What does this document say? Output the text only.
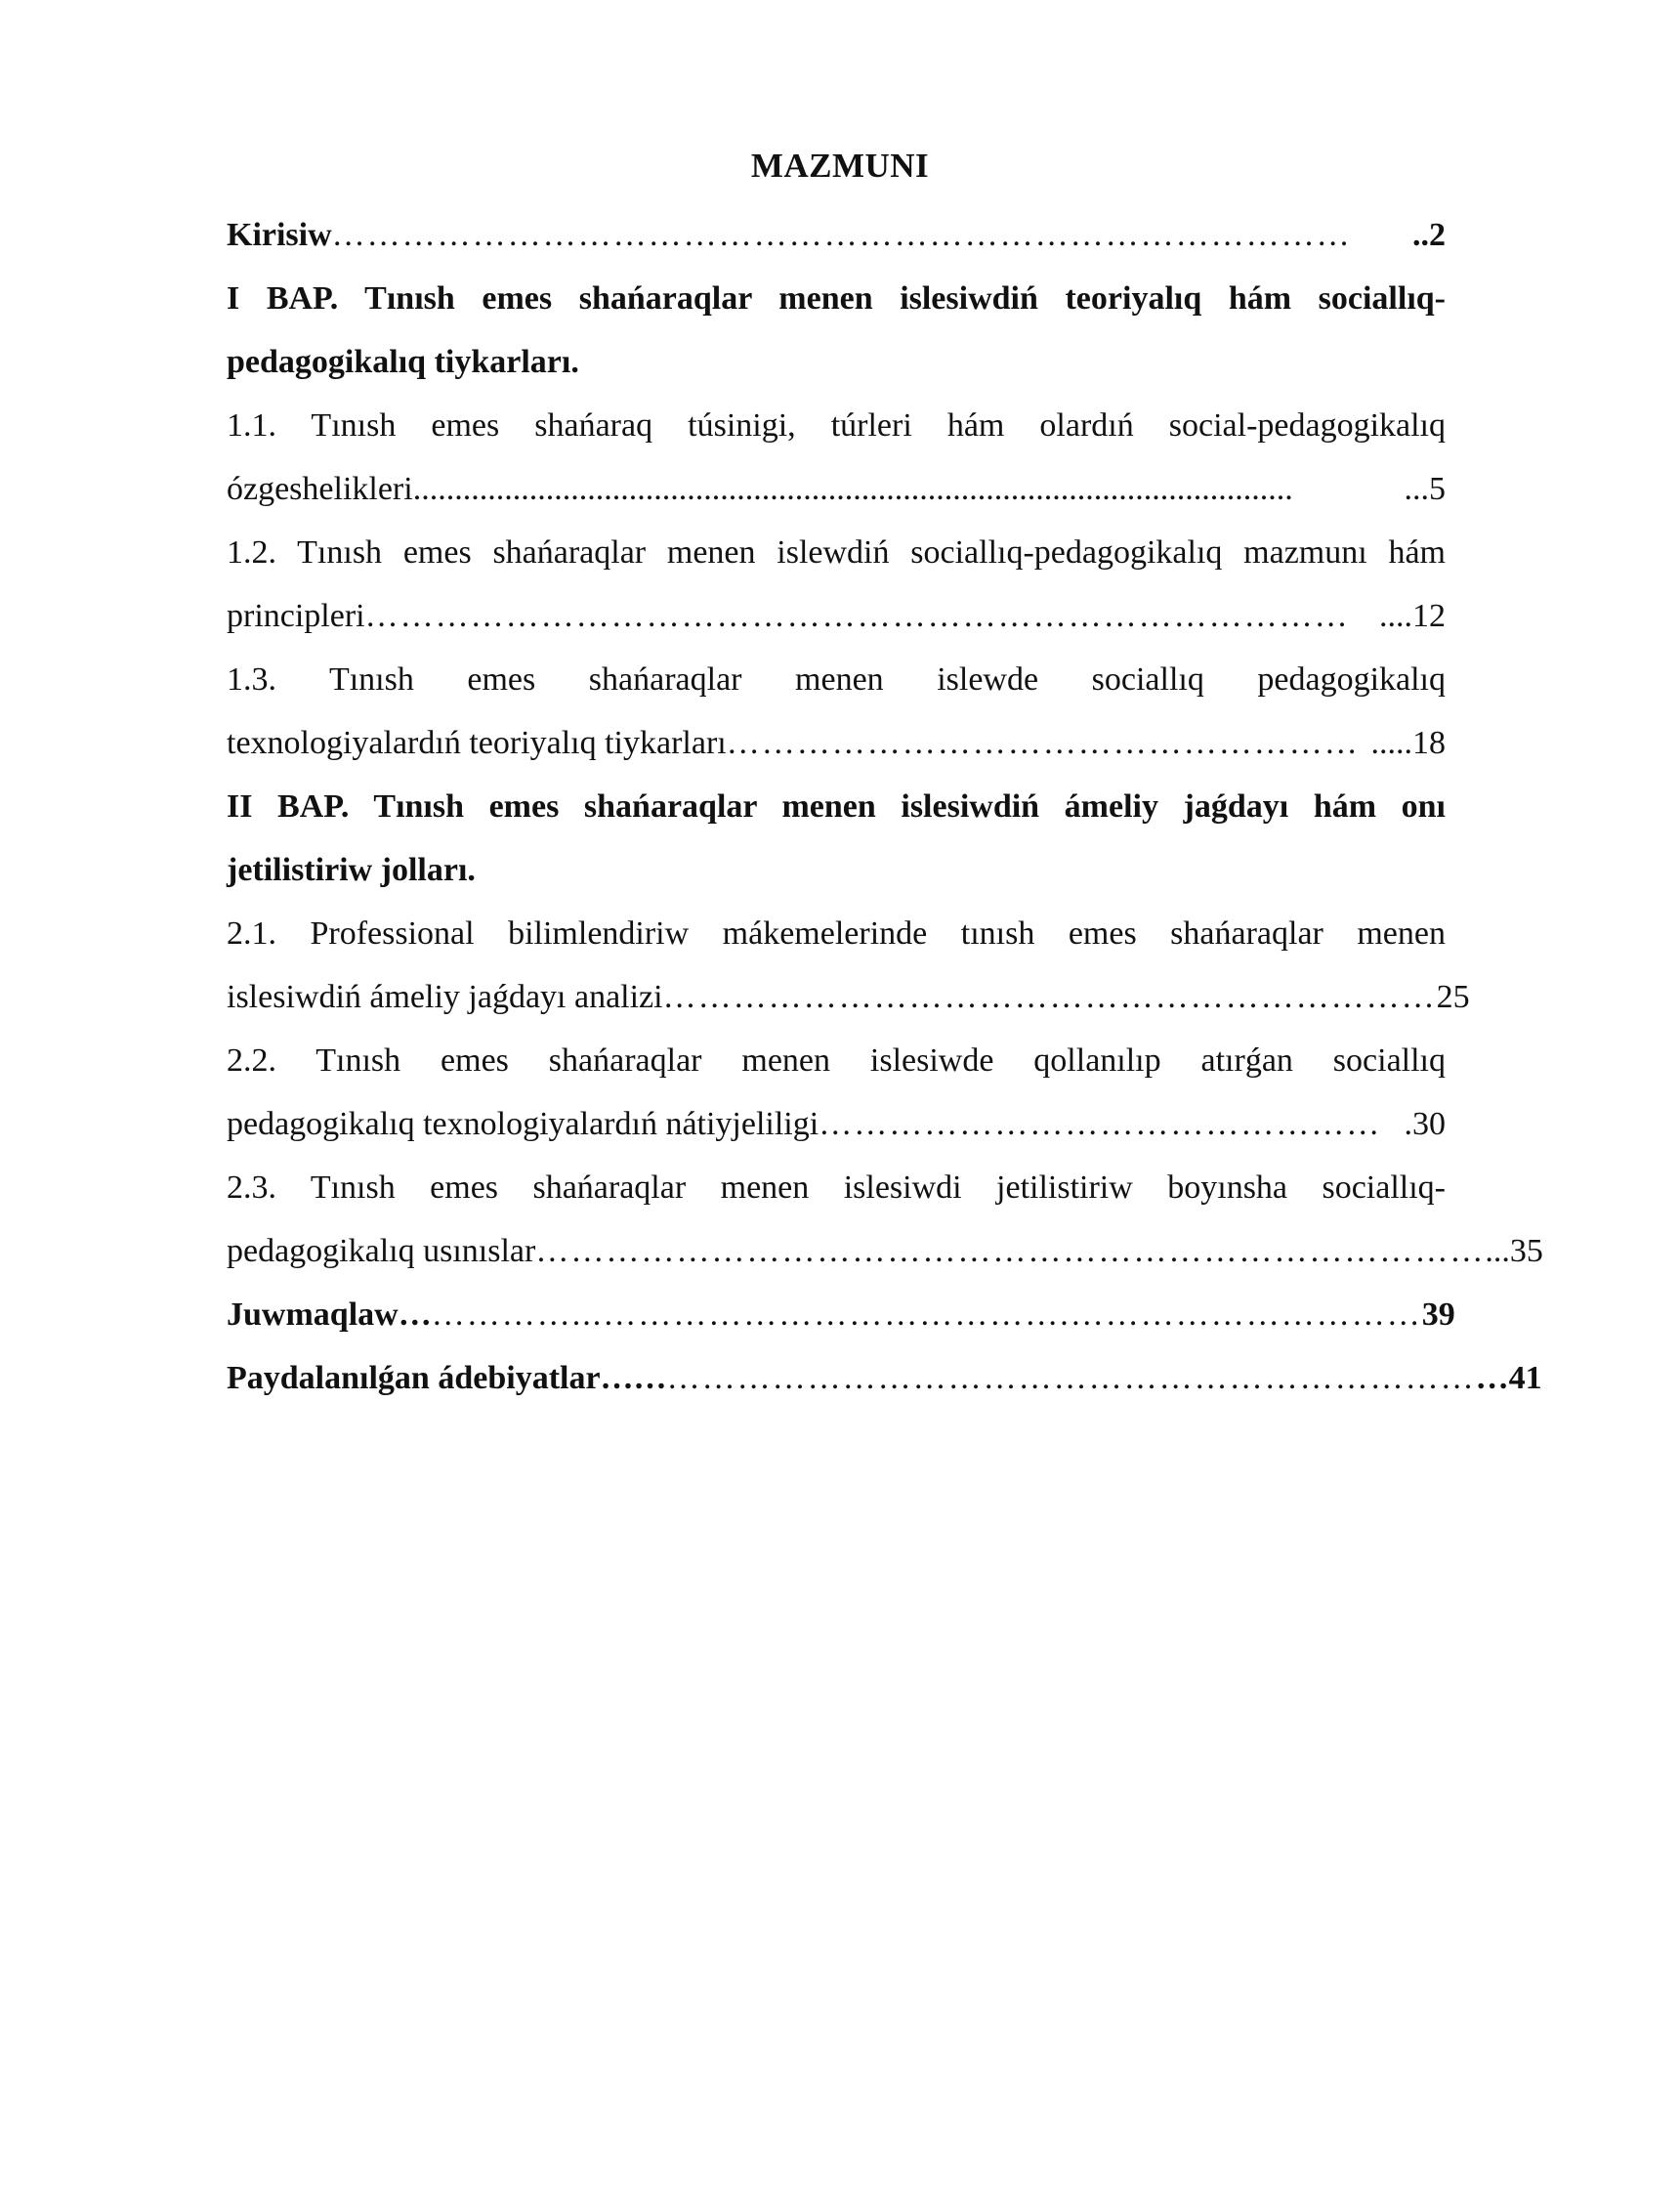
MAZMUNI
Kirisiw ……………………………………………………………………………	..2
I BAP. Tınısh emes shańaraqlar menen islesiwdiń teoriyalıq hám sociallıq-
pedagogikalıq tiykarları.
1.1. Tınısh emes shańaraq túsinigi, túrleri hám olardıń social-pedagogikalıq
ózgeshelikleri ..........................................................................................................	...5
1.2. Tınısh emes shańaraqlar menen islewdiń sociallıq-pedagogikalıq mazmunı hám
principleri ………………………………………………………………………… ....12
1.3. Tınısh emes shańaraqlar menen islewde sociallıq pedagogikalıq
texnologiyalardıń teoriyalıq tiykarları ……………………………………………… .....18
II BAP. Tınısh emes shańaraqlar menen islesiwdiń ámeliy jaǵdayı hám onı
jetilistiriw jolları.
2.1. Professional bilimlendiriw mákemelerinde tınısh emes shańaraqlar menen
islesiwdiń ámeliy jaǵdayı analizi ………………………………………………………… 25
2.2. Tınısh emes shańaraqlar menen islesiwde qollanılıp atırǵan sociallıq
pedagogikalıq texnologiyalardıń nátiyjeliligi ………………………………………… .30
2.3. Tınısh emes shańaraqlar menen islesiwdi jetilistiriw boyınsha sociallıq-
pedagogikalıq usınıslar ……………………………………………………………………… ...35
Juwmaqlaw… …………...………………………………….………………………… 39
Paydalanılǵan ádebiyatlar…… …………………………………………………………… …41
